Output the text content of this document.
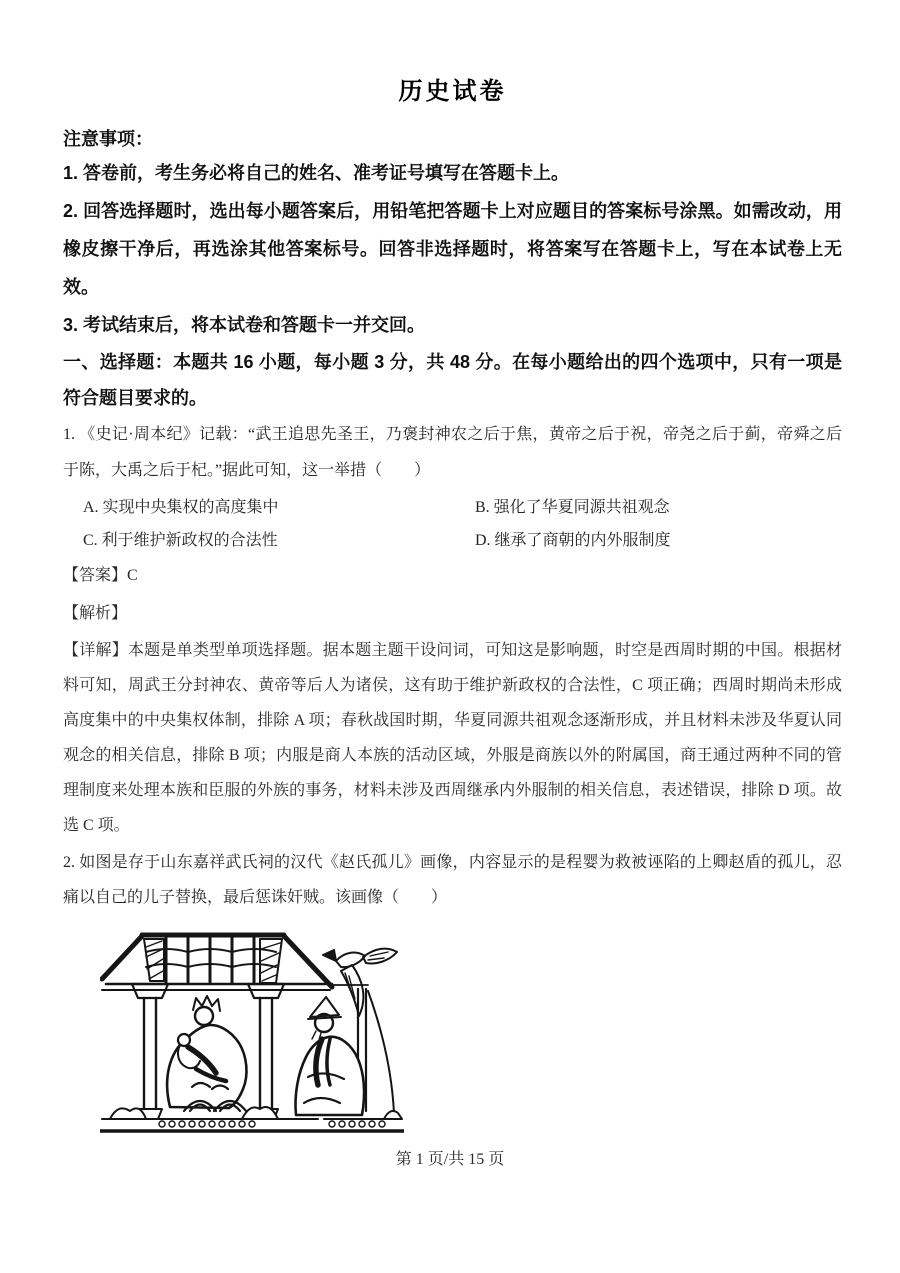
历史试卷
注意事项：

1. 答卷前，考生务必将自己的姓名、准考证号填写在答题卡上。

2. 回答选择题时，选出每小题答案后，用铅笔把答题卡上对应题目的答案标号涂黑。如需改动，用橡皮擦干净后，再选涂其他答案标号。回答非选择题时，将答案写在答题卡上，写在本试卷上无效。

3. 考试结束后，将本试卷和答题卡一并交回。

一、选择题：本题共 16 小题，每小题 3 分，共 48 分。在每小题给出的四个选项中，只有一项是符合题目要求的。

1. 《史记·周本纪》记载：“武王追思先圣王，乃褒封神农之后于焦，黄帝之后于祝，帝尧之后于蓟，帝舜之后于陈，大禹之后于杞。”据此可知，这一举措（　　）

A. 实现中央集权的高度集中	B. 强化了华夏同源共祖观念
C. 利于维护新政权的合法性	D. 继承了商朝的内外服制度

【答案】C

【解析】

【详解】本题是单类型单项选择题。据本题主题干设问词，可知这是影响题，时空是西周时期的中国。根据材料可知，周武王分封神农、黄帝等后人为诸侯，这有助于维护新政权的合法性，C 项正确；西周时期尚未形成高度集中的中央集权体制，排除 A 项；春秋战国时期，华夏同源共祖观念逐渐形成，并且材料未涉及华夏认同观念的相关信息，排除 B 项；内服是商人本族的活动区域，外服是商族以外的附属国，商王通过两种不同的管理制度来处理本族和臣服的外族的事务，材料未涉及西周继承内外服制的相关信息，表述错误，排除 D 项。故选 C 项。

2. 如图是存于山东嘉祥武氏祠的汉代《赵氏孤儿》画像，内容显示的是程婴为救被诬陷的上卿赵盾的孤儿，忍痛以自己的儿子替换，最后惩诛奸贼。该画像（　　）

第 1 页/共 15 页
